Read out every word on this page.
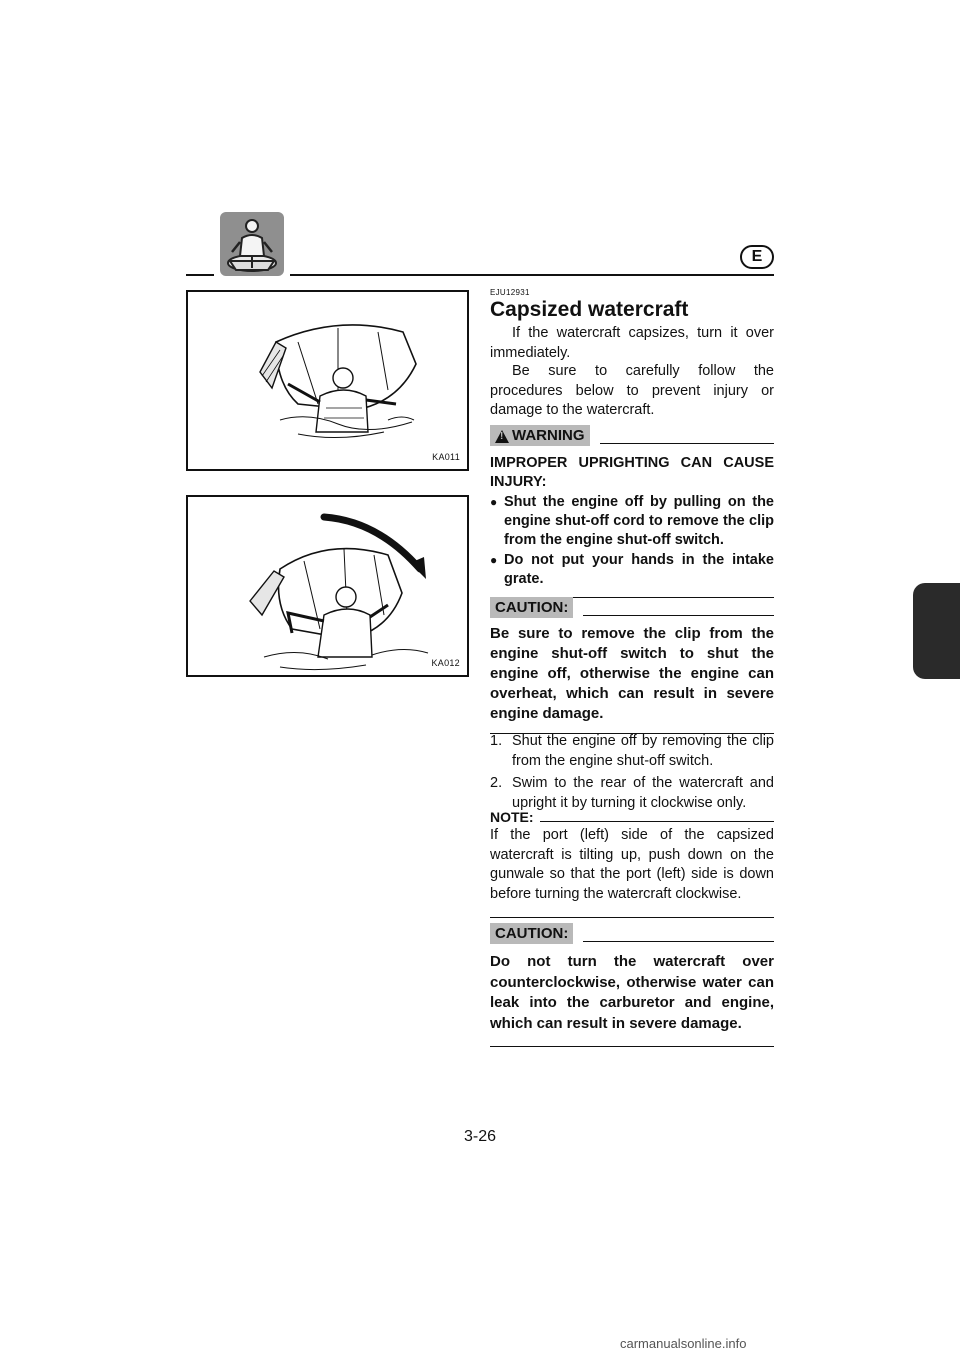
E
KA011
KA012
EJU12931
Capsized watercraft
If the watercraft capsizes, turn it over immediately.
Be sure to carefully follow the procedures below to prevent injury or damage to the watercraft.
! WARNING
IMPROPER UPRIGHTING CAN CAUSE INJURY:
● Shut the engine off by pulling on the engine shut-off cord to remove the clip from the engine shut-off switch.
● Do not put your hands in the intake grate.
CAUTION:
Be sure to remove the clip from the engine shut-off switch to shut the engine off, otherwise the engine can overheat, which can result in severe engine damage.
1. Shut the engine off by removing the clip from the engine shut-off switch.
2. Swim to the rear of the watercraft and upright it by turning it clockwise only.
NOTE:
If the port (left) side of the capsized watercraft is tilting up, push down on the gunwale so that the port (left) side is down before turning the watercraft clockwise.
CAUTION:
Do not turn the watercraft over counterclockwise, otherwise water can leak into the carburetor and engine, which can result in severe damage.
3-26
carmanualsonline.info
